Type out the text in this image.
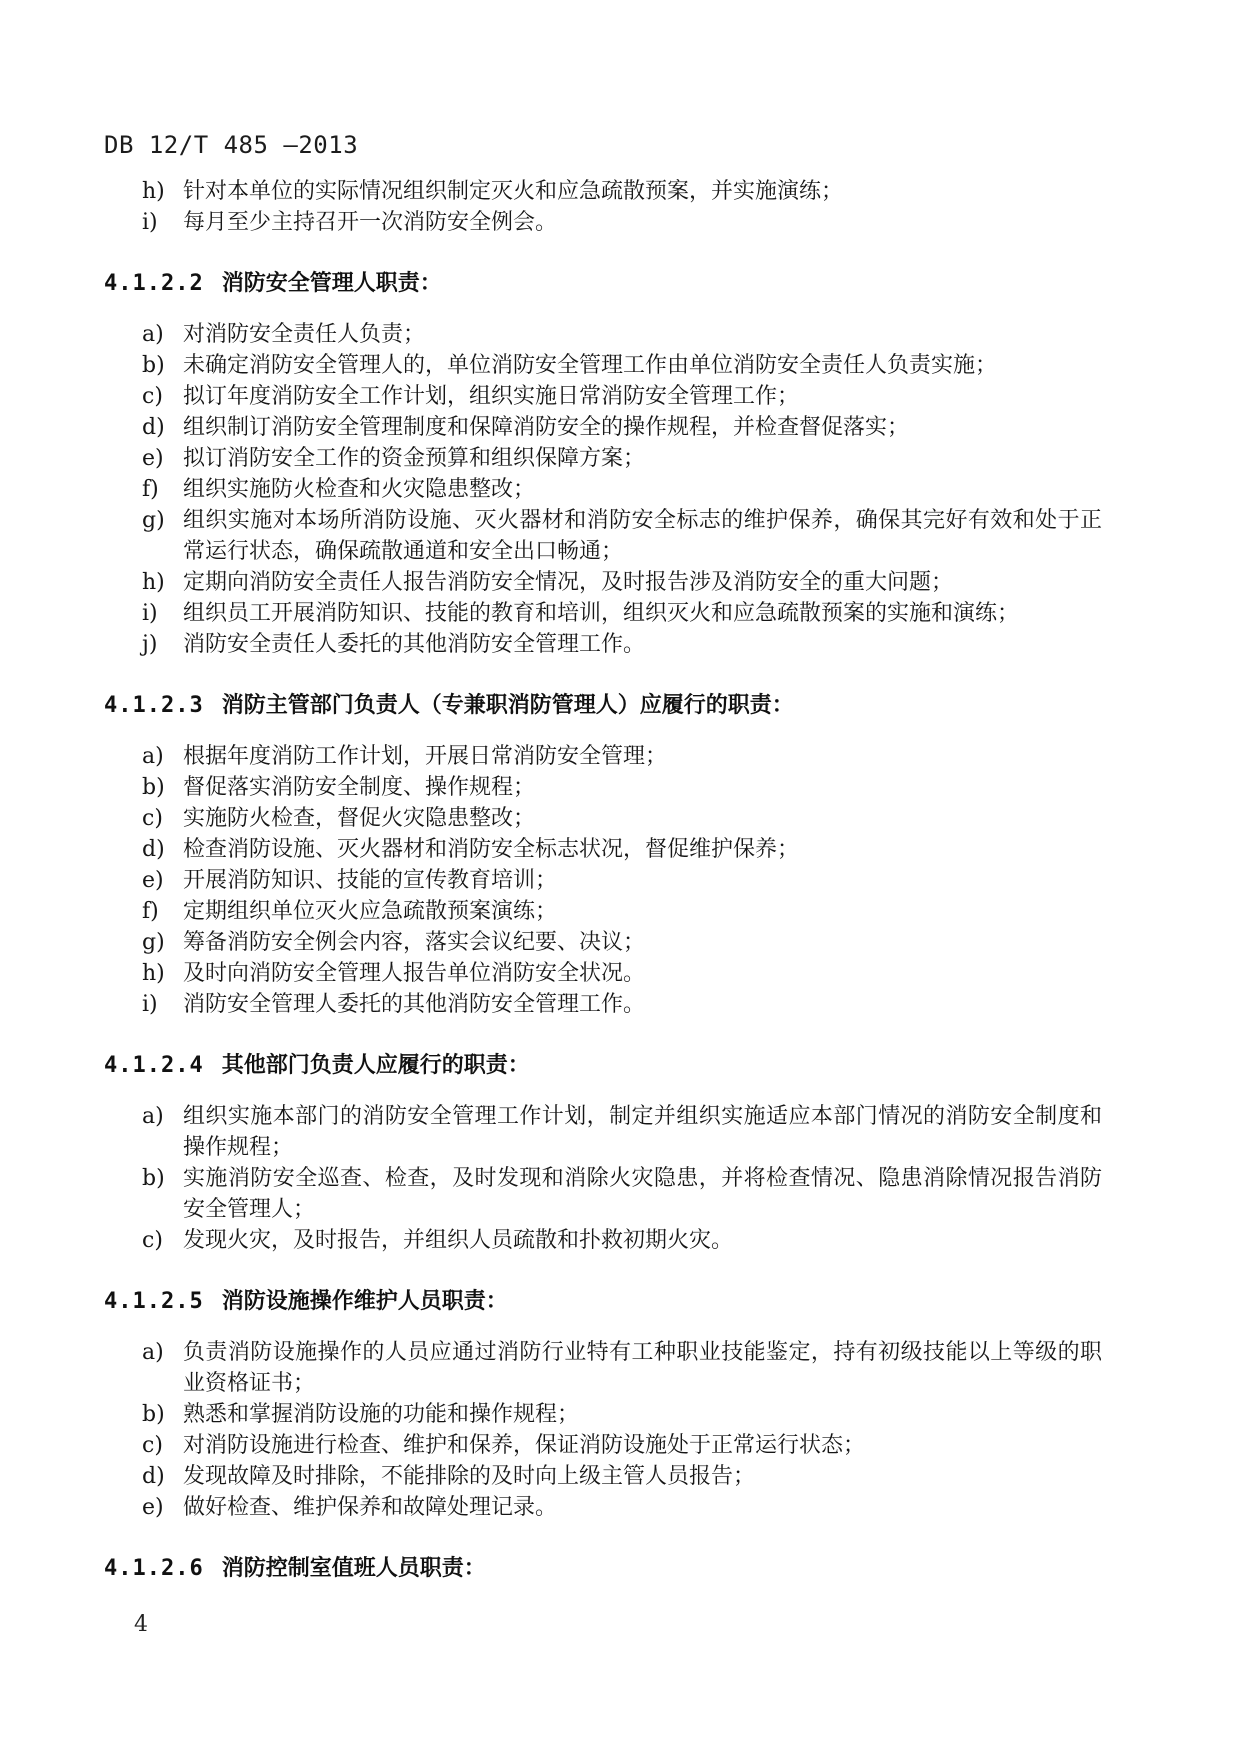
DB 12/T 485 —2013
h) 针对本单位的实际情况组织制定灭火和应急疏散预案，并实施演练；
i)	每月至少主持召开一次消防安全例会。
4.1.2.2 消防安全管理人职责：
a) 对消防安全责任人负责；
b) 未确定消防安全管理人的，单位消防安全管理工作由单位消防安全责任人负责实施；
c) 拟订年度消防安全工作计划，组织实施日常消防安全管理工作；
d) 组织制订消防安全管理制度和保障消防安全的操作规程，并检查督促落实；
e) 拟订消防安全工作的资金预算和组织保障方案；
f)	组织实施防火检查和火灾隐患整改；
g) 组织实施对本场所消防设施、灭火器材和消防安全标志的维护保养，确保其完好有效和处于正常运行状态，确保疏散通道和安全出口畅通；
h) 定期向消防安全责任人报告消防安全情况，及时报告涉及消防安全的重大问题；
i)	组织员工开展消防知识、技能的教育和培训，组织灭火和应急疏散预案的实施和演练；
j)	消防安全责任人委托的其他消防安全管理工作。
4.1.2.3 消防主管部门负责人（专兼职消防管理人）应履行的职责：
a) 根据年度消防工作计划，开展日常消防安全管理；
b) 督促落实消防安全制度、操作规程；
c) 实施防火检查，督促火灾隐患整改；
d) 检查消防设施、灭火器材和消防安全标志状况，督促维护保养；
e) 开展消防知识、技能的宣传教育培训；
f)	定期组织单位灭火应急疏散预案演练；
g) 筹备消防安全例会内容，落实会议纪要、决议；
h) 及时向消防安全管理人报告单位消防安全状况。
i)	消防安全管理人委托的其他消防安全管理工作。
4.1.2.4 其他部门负责人应履行的职责：
a) 组织实施本部门的消防安全管理工作计划，制定并组织实施适应本部门情况的消防安全制度和操作规程；
b) 实施消防安全巡查、检查，及时发现和消除火灾隐患，并将检查情况、隐患消除情况报告消防安全管理人；
c) 发现火灾，及时报告，并组织人员疏散和扑救初期火灾。
4.1.2.5 消防设施操作维护人员职责：
a) 负责消防设施操作的人员应通过消防行业特有工种职业技能鉴定，持有初级技能以上等级的职业资格证书；
b) 熟悉和掌握消防设施的功能和操作规程；
c) 对消防设施进行检查、维护和保养，保证消防设施处于正常运行状态；
d) 发现故障及时排除，不能排除的及时向上级主管人员报告；
e) 做好检查、维护保养和故障处理记录。
4.1.2.6 消防控制室值班人员职责：
4
